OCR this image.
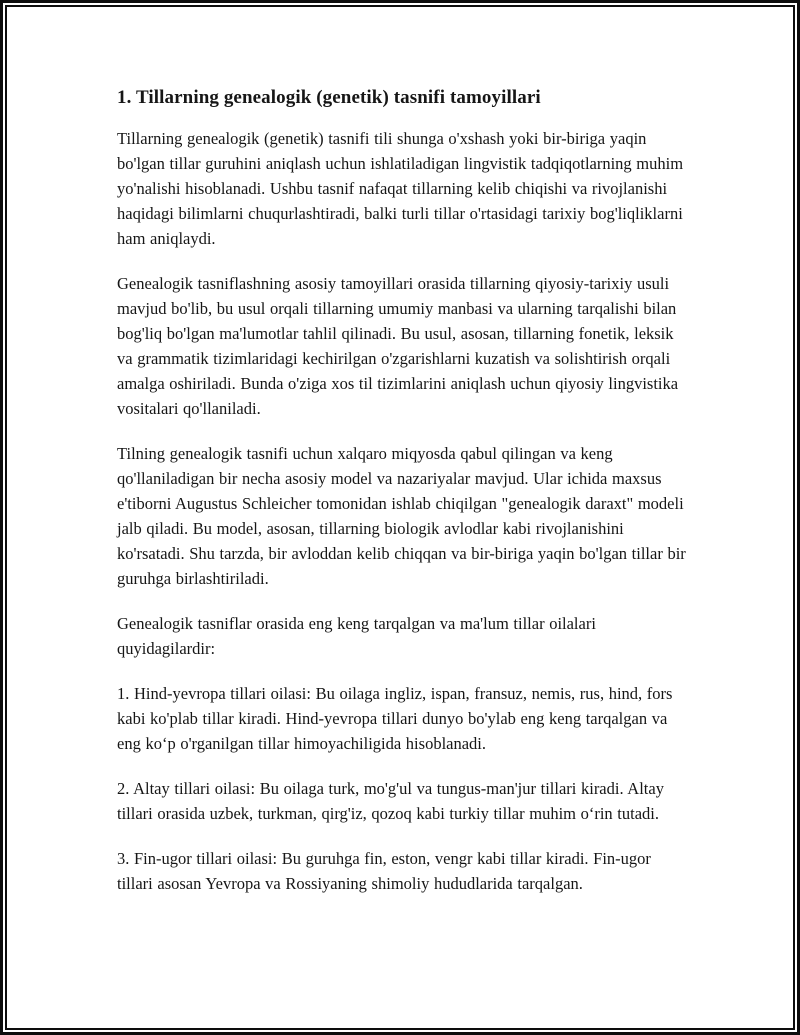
1. Tillarning genealogik (genetik) tasnifi tamoyillari

Tillarning genealogik (genetik) tasnifi tili shunga o'xshash yoki bir-biriga yaqin bo'lgan tillar guruhini aniqlash uchun ishlatiladigan lingvistik tadqiqotlarning muhim yo'nalishi hisoblanadi. Ushbu tasnif nafaqat tillarning kelib chiqishi va rivojlanishi haqidagi bilimlarni chuqurlashtiradi, balki turli tillar o'rtasidagi tarixiy bog'liqliklarni ham aniqlaydi.

Genealogik tasniflashning asosiy tamoyillari orasida tillarning qiyosiy-tarixiy usuli mavjud bo'lib, bu usul orqali tillarning umumiy manbasi va ularning tarqalishi bilan bog'liq bo'lgan ma'lumotlar tahlil qilinadi. Bu usul, asosan, tillarning fonetik, leksik va grammatik tizimlaridagi kechirilgan o'zgarishlarni kuzatish va solishtirish orqali amalga oshiriladi. Bunda o'ziga xos til tizimlarini aniqlash uchun qiyosiy lingvistika vositalari qo'llaniladi.

Tilning genealogik tasnifi uchun xalqaro miqyosda qabul qilingan va keng qo'llaniladigan bir necha asosiy model va nazariyalar mavjud. Ular ichida maxsus e'tiborni Augustus Schleicher tomonidan ishlab chiqilgan "genealogik daraxt" modeli jalb qiladi. Bu model, asosan, tillarning biologik avlodlar kabi rivojlanishini ko'rsatadi. Shu tarzda, bir avloddan kelib chiqqan va bir-biriga yaqin bo'lgan tillar bir guruhga birlashtiriladi.

Genealogik tasniflar orasida eng keng tarqalgan va ma'lum tillar oilalari quyidagilardir:

1. Hind-yevropa tillari oilasi: Bu oilaga ingliz, ispan, fransuz, nemis, rus, hind, fors kabi ko'plab tillar kiradi. Hind-yevropa tillari dunyo bo'ylab eng keng tarqalgan va eng ko‘p o'rganilgan tillar himoyachiligida hisoblanadi.

2. Altay tillari oilasi: Bu oilaga turk, mo'g'ul va tungus-man'jur tillari kiradi. Altay tillari orasida uzbek, turkman, qirg'iz, qozoq kabi turkiy tillar muhim o‘rin tutadi.

3. Fin-ugor tillari oilasi: Bu guruhga fin, eston, vengr kabi tillar kiradi. Fin-ugor tillari asosan Yevropa va Rossiyaning shimoliy hududlarida tarqalgan.
